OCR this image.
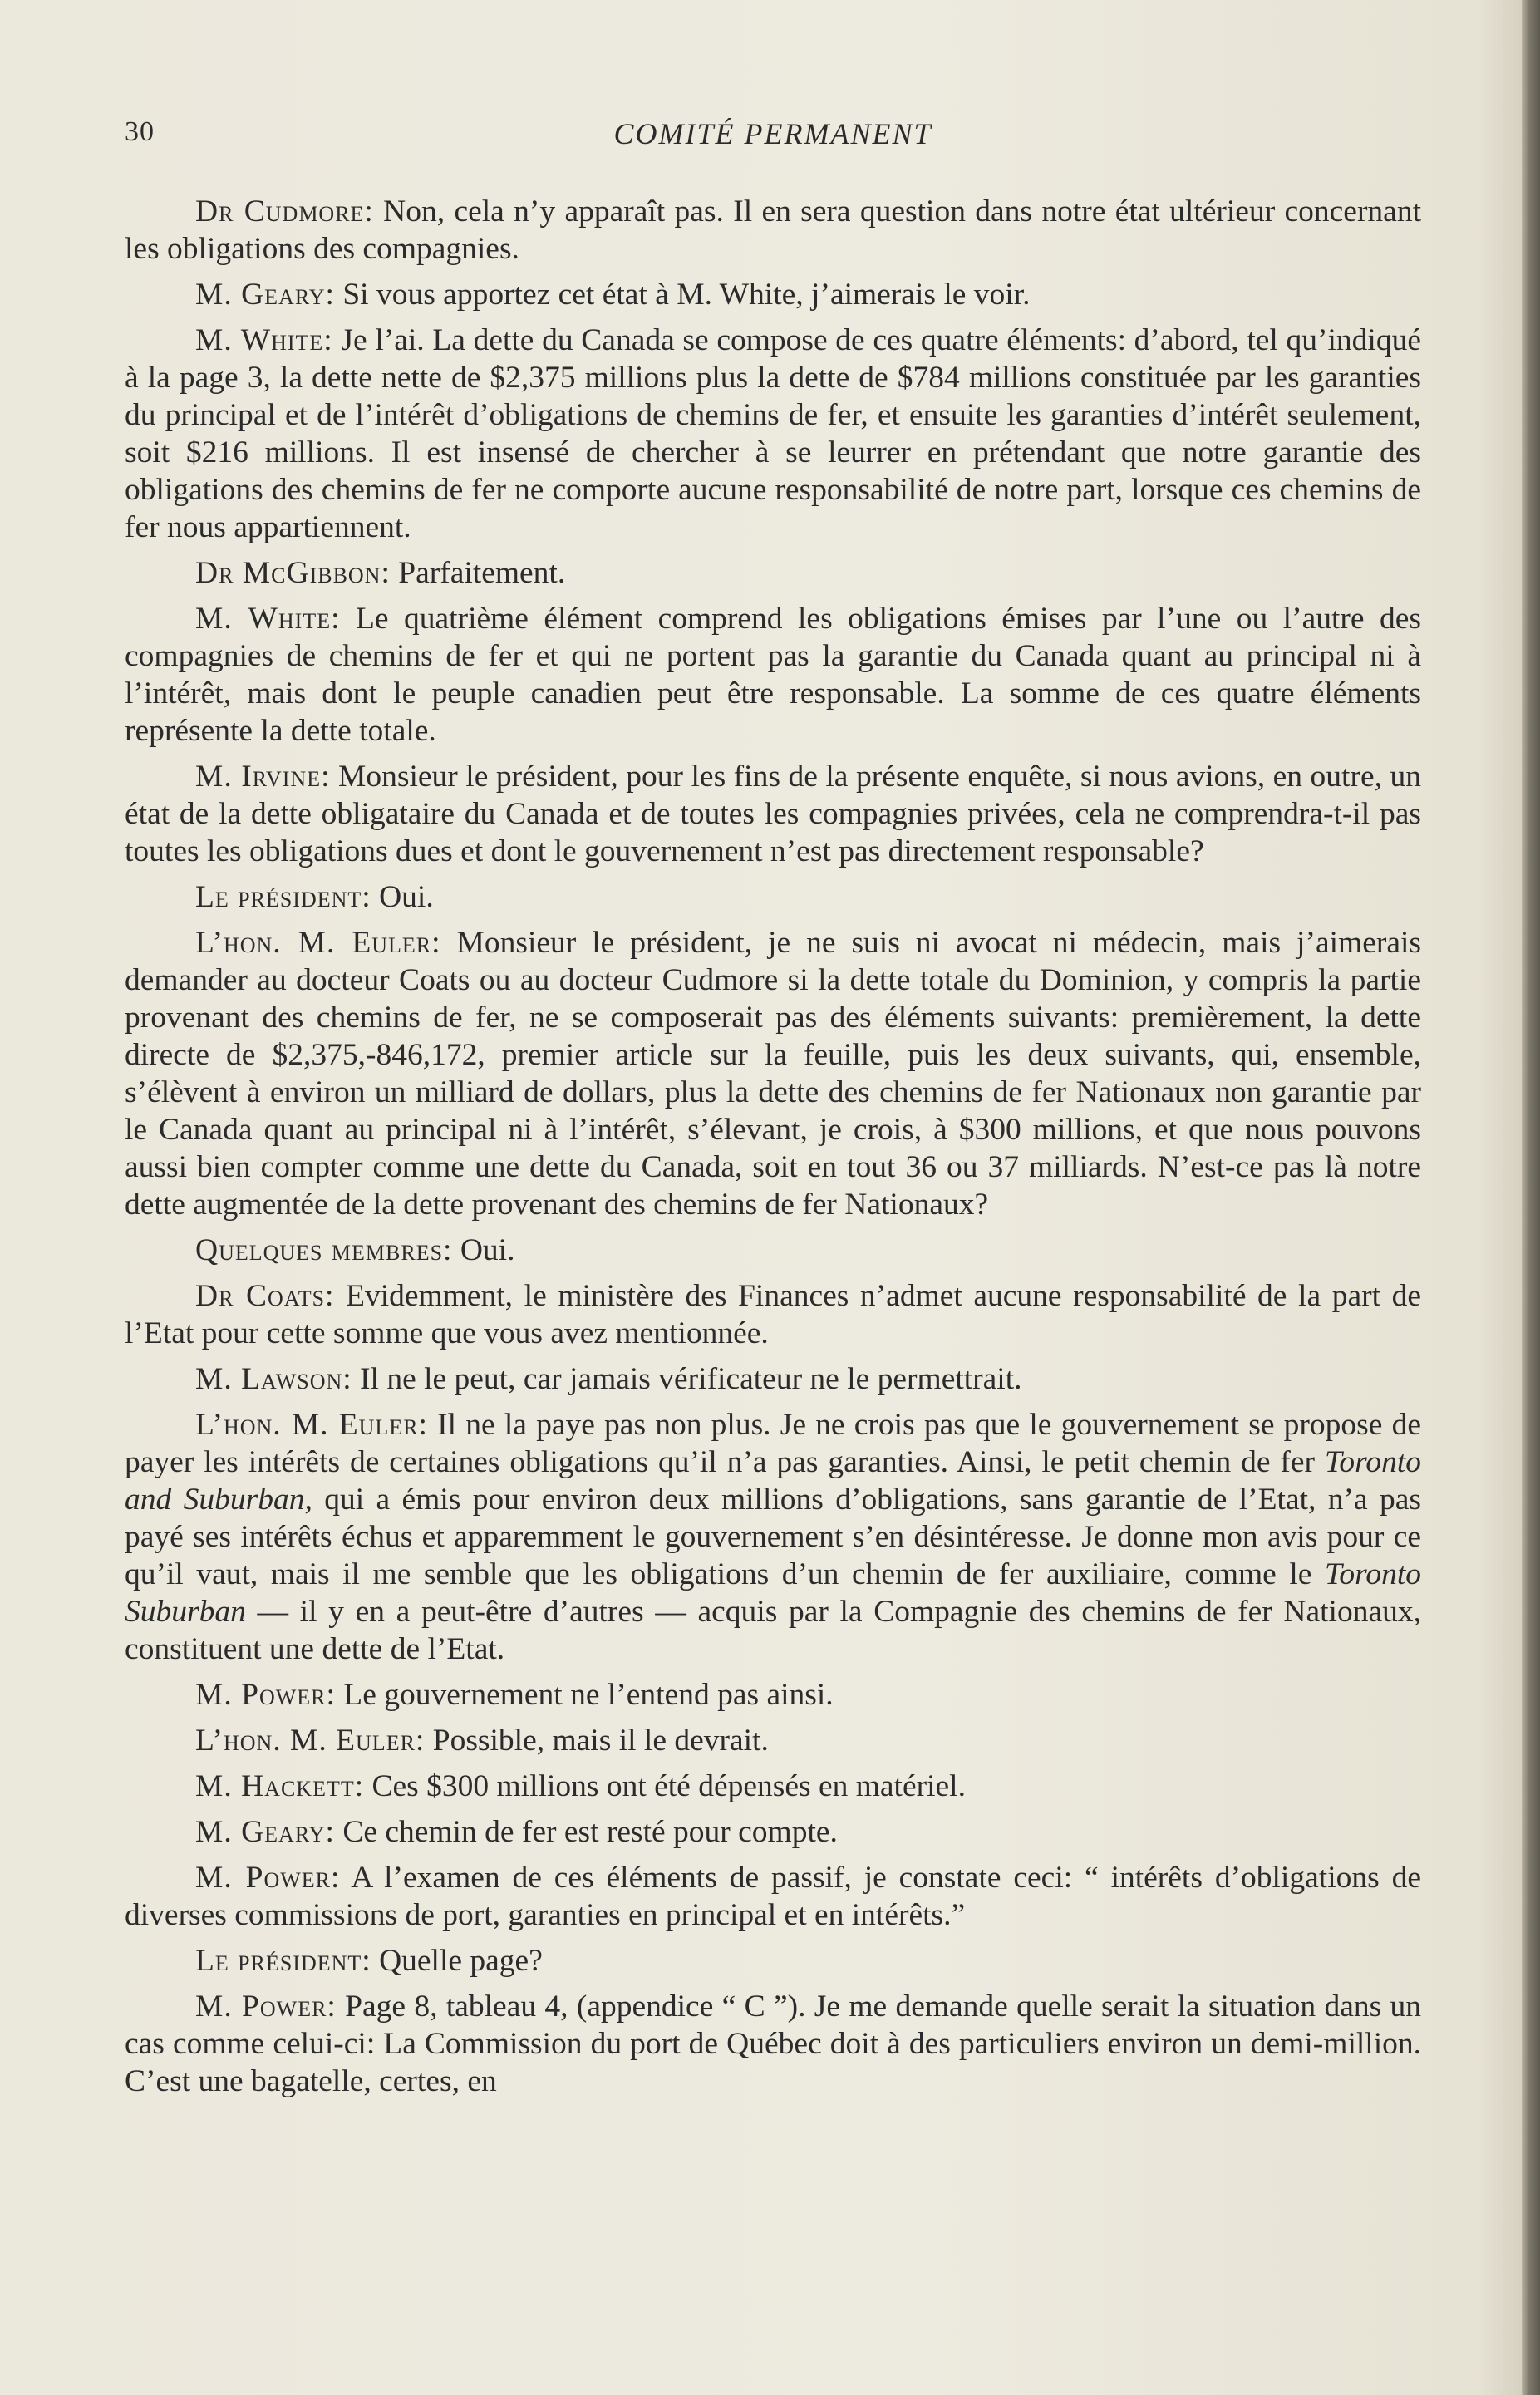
30	COMITÉ PERMANENT

Dr Cudmore: Non, cela n’y apparaît pas. Il en sera question dans notre état ultérieur concernant les obligations des compagnies.

M. Geary: Si vous apportez cet état à M. White, j’aimerais le voir.

M. White: Je l’ai. La dette du Canada se compose de ces quatre éléments: d’abord, tel qu’indiqué à la page 3, la dette nette de $2,375 millions plus la dette de $784 millions constituée par les garanties du principal et de l’intérêt d’obligations de chemins de fer, et ensuite les garanties d’intérêt seulement, soit $216 millions. Il est insensé de chercher à se leurrer en prétendant que notre garantie des obligations des chemins de fer ne comporte aucune responsabilité de notre part, lorsque ces chemins de fer nous appartiennent.

Dr McGibbon: Parfaitement.

M. White: Le quatrième élément comprend les obligations émises par l’une ou l’autre des compagnies de chemins de fer et qui ne portent pas la garantie du Canada quant au principal ni à l’intérêt, mais dont le peuple canadien peut être responsable. La somme de ces quatre éléments représente la dette totale.

M. Irvine: Monsieur le président, pour les fins de la présente enquête, si nous avions, en outre, un état de la dette obligataire du Canada et de toutes les compagnies privées, cela ne comprendra-t-il pas toutes les obligations dues et dont le gouvernement n’est pas directement responsable?

Le président: Oui.

L’hon. M. Euler: Monsieur le président, je ne suis ni avocat ni médecin, mais j’aimerais demander au docteur Coats ou au docteur Cudmore si la dette totale du Dominion, y compris la partie provenant des chemins de fer, ne se composerait pas des éléments suivants: premièrement, la dette directe de $2,375,-846,172, premier article sur la feuille, puis les deux suivants, qui, ensemble, s’élèvent à environ un milliard de dollars, plus la dette des chemins de fer Nationaux non garantie par le Canada quant au principal ni à l’intérêt, s’élevant, je crois, à $300 millions, et que nous pouvons aussi bien compter comme une dette du Canada, soit en tout 36 ou 37 milliards. N’est-ce pas là notre dette augmentée de la dette provenant des chemins de fer Nationaux?

Quelques membres: Oui.

Dr Coats: Evidemment, le ministère des Finances n’admet aucune responsabilité de la part de l’Etat pour cette somme que vous avez mentionnée.

M. Lawson: Il ne le peut, car jamais vérificateur ne le permettrait.

L’hon. M. Euler: Il ne la paye pas non plus. Je ne crois pas que le gouvernement se propose de payer les intérêts de certaines obligations qu’il n’a pas garanties. Ainsi, le petit chemin de fer Toronto and Suburban, qui a émis pour environ deux millions d’obligations, sans garantie de l’Etat, n’a pas payé ses intérêts échus et apparemment le gouvernement s’en désintéresse. Je donne mon avis pour ce qu’il vaut, mais il me semble que les obligations d’un chemin de fer auxiliaire, comme le Toronto Suburban — il y en a peut-être d’autres — acquis par la Compagnie des chemins de fer Nationaux, constituent une dette de l’Etat.

M. Power: Le gouvernement ne l’entend pas ainsi.

L’hon. M. Euler: Possible, mais il le devrait.

M. Hackett: Ces $300 millions ont été dépensés en matériel.

M. Geary: Ce chemin de fer est resté pour compte.

M. Power: A l’examen de ces éléments de passif, je constate ceci: “ intérêts d’obligations de diverses commissions de port, garanties en principal et en intérêts.”

Le président: Quelle page?

M. Power: Page 8, tableau 4, (appendice “ C ”). Je me demande quelle serait la situation dans un cas comme celui-ci: La Commission du port de Québec doit à des particuliers environ un demi-million. C’est une bagatelle, certes, en
